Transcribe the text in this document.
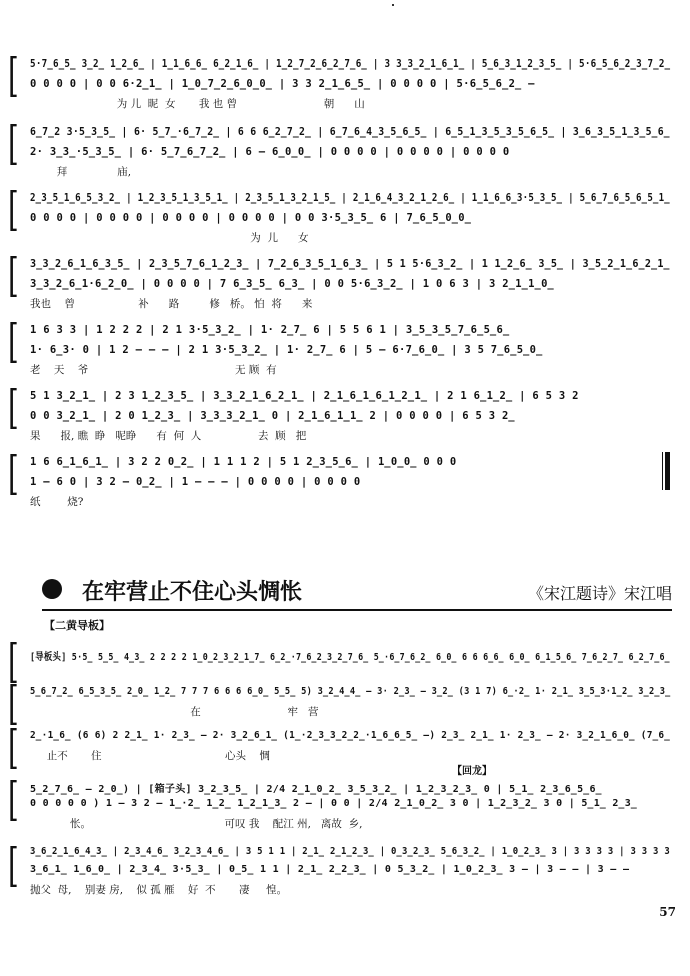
[ 5·7̲6̲5̲ 3̲2̲ 1̲2̲6̲ | 1̲1̲6̲6̲ 6̲2̲1̲6̲ | 1̲2̲7̲2̲6̲2̲7̲6̲ | 3 3̲3̲2̲1̲6̲1̲ | 5̲6̲3̲1̲2̲3̲5̲ | 5·6̲5̲6̲2̲3̲7̲2̲
0 0 0 0 | 0 0 6·2̲1̲ | 1̲0̲7̲2̲6̲0̲0̲ | 3 3 2̲1̲6̲5̲ | 0 0 0 0 | 5·6̲5̲6̲2̲ —
为 儿  昵  女       我 也 曾                          朝      山
[ 6̲7̲2 3·5̲3̲5̲ | 6· 5̲7̲·6̲7̲2̲ | 6 6 6̲2̲7̲2̲ | 6̲7̲6̲4̲3̲5̲6̲5̲ | 6̲5̲1̲3̲5̲3̲5̲6̲5̲ | 3̲6̲3̲5̲1̲3̲5̲6̲
2· 3̲3̲·5̲3̲5̲ | 6· 5̲7̲6̲7̲2̲ | 6 — 6̲0̲0̲ | 0 0 0 0 | 0 0 0 0 | 0 0 0 0
拜               庙,
[ 2̲3̲5̲1̲6̲5̲3̲2̲ | 1̲2̲3̲5̲1̲3̲5̲1̲ | 2̲3̲5̲1̲3̲2̲1̲5̲ | 2̲1̲6̲4̲3̲2̲1̲2̲6̲ | 1̲1̲6̲6̲3·5̲3̲5̲ | 5̲6̲7̲6̲5̲6̲5̲1̲
0 0 0 0 | 0 0 0 0 | 0 0 0 0 | 0 0 0 0 | 0 0 3·5̲3̲5̲ 6 | 7̲6̲5̲0̲0̲
为  儿      女
[ 3̲3̲2̲6̲1̲6̲3̲5̲ | 2̲3̲5̲7̲6̲1̲2̲3̲ | 7̲2̲6̲3̲5̲1̲6̲3̲ | 5 1 5·6̲3̲2̲ | 1 1̲2̲6̲ 3̲5̲ | 3̲5̲2̲1̲6̲2̲1̲
3̲3̲2̲6̲1·6̲2̲0̲ | 0 0 0 0 | 7 6̲3̲5̲ 6̲3̲ | 0 0 5·6̲3̲2̲ | 1 0 6 3 | 3 2̲1̲1̲0̲
我也    曾                   补      路         修   桥。 怕  将      来
[ 1 6 3 3 | 1 2 2 2 | 2 1 3·5̲3̲2̲ | 1· 2̲7̲ 6 | 5 5 6 1 | 3̲5̲3̲5̲7̲6̲5̲6̲
1· 6̲3· 0 | 1 2 — — — | 2 1 3·5̲3̲2̲ | 1· 2̲7̲ 6 | 5 — 6·7̲6̲0̲ | 3 5 7̲6̲5̲0̲
老    天    爷                                            无 顾  有
[ 5 1 3̲2̲1̲ | 2 3 1̲2̲3̲5̲ | 3̲3̲2̲1̲6̲2̲1̲ | 2̲1̲6̲1̲6̲1̲2̲1̲ | 2 1 6̲1̲2̲ | 6 5 3 2
0 0 3̲2̲1̲ | 2 0 1̲2̲3̲ | 3̲3̲3̲2̲1̲ 0 | 2̲1̲6̲1̲1̲ 2 | 0 0 0 0 | 6 5 3 2̲
果      报, 瞧  睁   呢睁      有  何  人                 去  顾   把
[ 1 6 6̲1̲6̲1̲ | 3 2 2 0̲2̲ | 1 1 1 2 | 5 1 2̲3̲5̲6̲ | 1̲0̲0̲ 0 0 0
1 — 6 0 | 3 2 — 0̲2̲ | 1 — — — | 0 0 0 0 | 0 0 0 0
纸        烧?
在牢营止不住心头惆怅	《宋江题诗》宋江唱
【二黄导板】
[ [导板头] 5·5̲ 5̲5̲ 4̲3̲ 2 2 2 2 1̲0̲2̲3̲2̲1̲7̲ 6̲2̲·7̲6̲2̲3̲2̲7̲6̲ 5̲·6̲7̲6̲2̲ 6̲0̲ 6 6 6̲6̲ 6̲0̲ 6̲1̲5̲6̲ 7̲6̲2̲7̲ 6̲2̲7̲6̲
[ 5̲6̲7̲2̲ 6̲5̲3̲5̲ 2̲0̲ 1̲2̲ 7 7 7 6 6 6 6̲0̲ 5̲5̲ 5) 3̲2̲4̲4̲ — 3· 2̲3̲ — 3̲2̲ (3 1 7) 6̲·2̲ 1· 2̲1̲ 3̲5̲3·1̲2̲ 3̲2̲3̲
在                          牢   营
[ 2̲·1̲6̲ (6 6) 2 2̲1̲ 1· 2̲3̲ — 2· 3̲2̲6̲1̲ (1̲·2̲3̲3̲2̲2̲·1̲6̲6̲5̲ —) 2̲3̲ 2̲1̲ 1· 2̲3̲ — 2· 3̲2̲1̲6̲0̲ (7̲6̲
止不       住                                     心头    惆
【回龙】
[ 5̲2̲7̲6̲ — 2̲0̲) | [箱子头] 3̲2̲3̲5̲ | 2/4 2̲1̲0̲2̲ 3̲5̲3̲2̲ | 1̲2̲3̲2̲3̲ 0 | 5̲1̲ 2̲3̲6̲5̲6̲
0 0 0 0 0 ) 1 — 3 2 — 1̲·2̲ 1̲2̲ 1̲2̲1̲3̲ 2 — | 0 0 | 2/4 2̲1̲0̲2̲ 3 0 | 1̲2̲3̲2̲ 3 0 | 5̲1̲ 2̲3̲
怅。                                        可叹 我    配江 州,   离故  乡,
[ 3̲6̲2̲1̲6̲4̲3̲ | 2̲3̲4̲6̲ 3̲2̲3̲4̲6̲ | 3 5 1 1 | 2̲1̲ 2̲1̲2̲3̲ | 0̲3̲2̲3̲ 5̲6̲3̲2̲ | 1̲0̲2̲3̲ 3 | 3 3 3 3 | 3 3 3 3
3̲6̲1̲ 1̲6̲0̲ | 2̲3̲4̲ 3·5̲3̲ | 0̲5̲ 1 1 | 2̲1̲ 2̲2̲3̲ | 0 5̲3̲2̲ | 1̲0̲2̲3̲ 3 — | 3 — — | 3 — —
抛父  母,    别妻 房,    似 孤 雁    好  不       凄     惶。
57
